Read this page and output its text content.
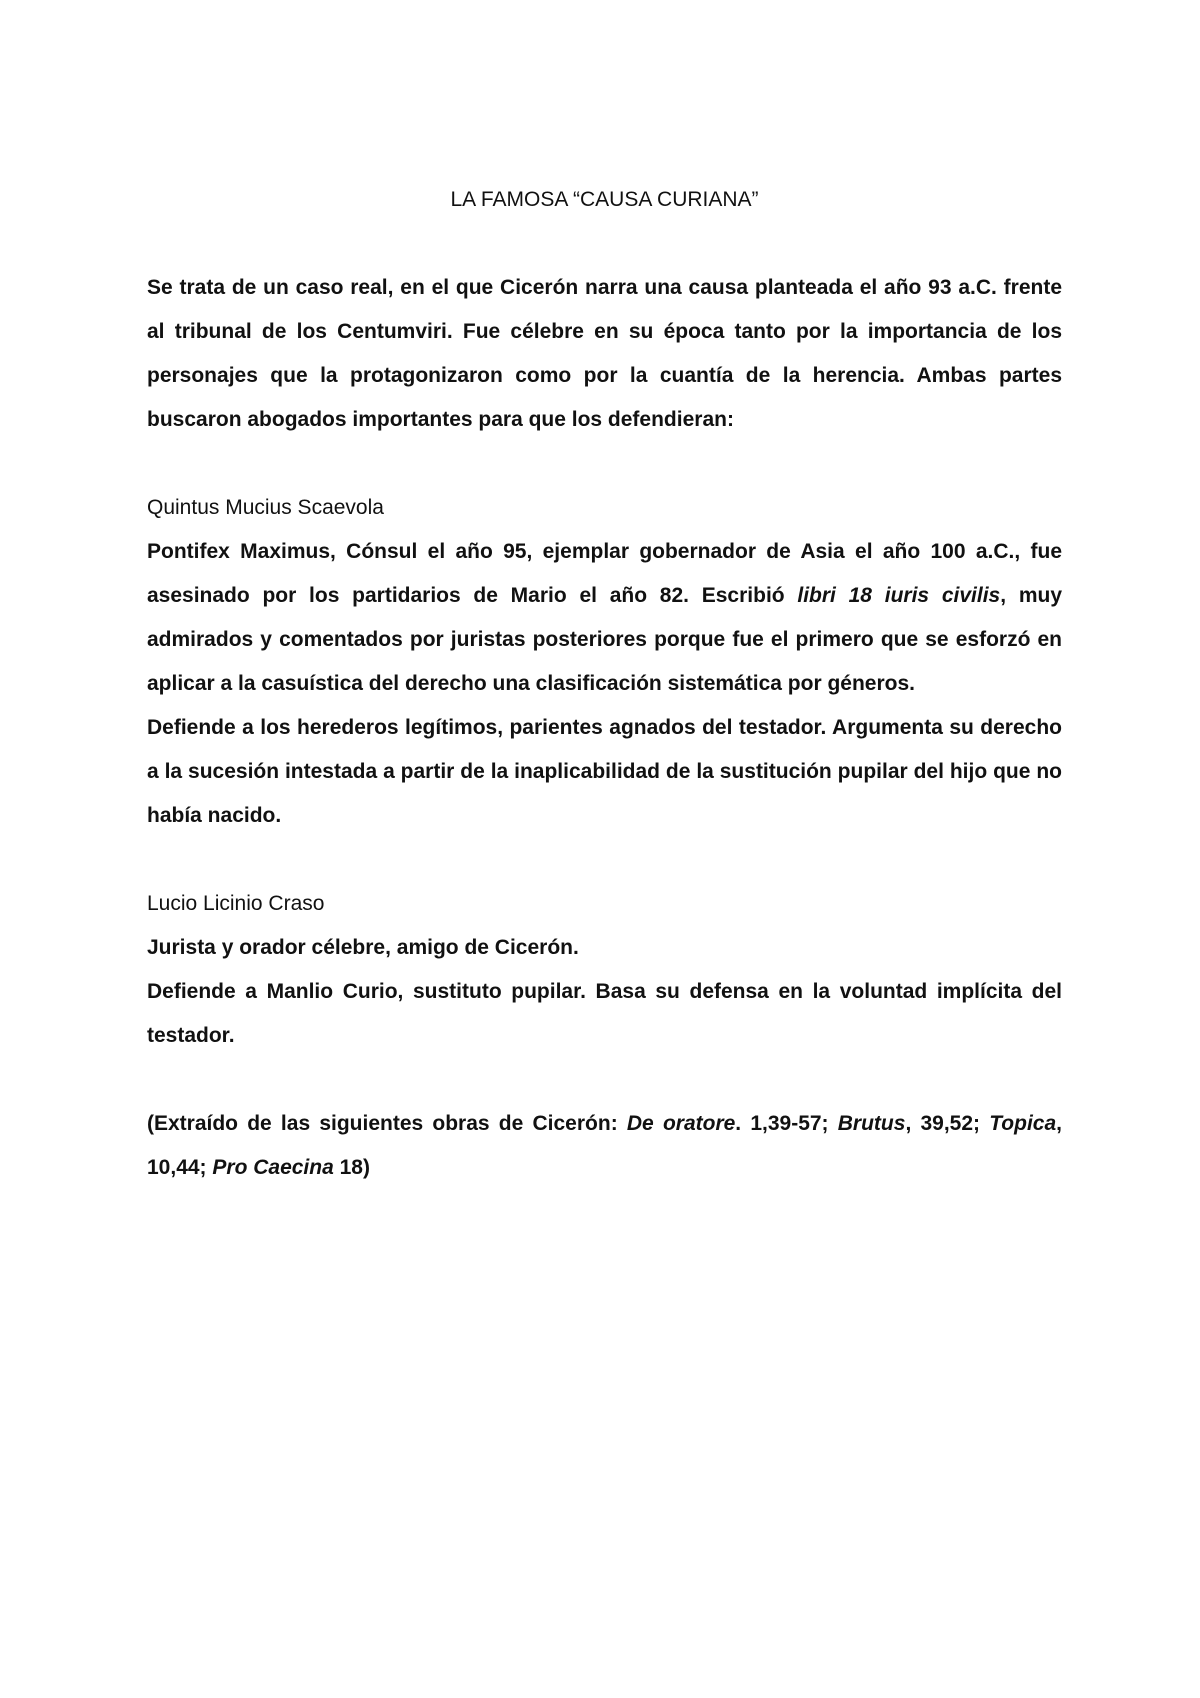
LA FAMOSA “CAUSA CURIANA”

Se trata de un caso real, en el que Cicerón narra una causa planteada el año 93 a.C. frente al tribunal de los Centumviri. Fue célebre en su época tanto por la importancia de los personajes que la protagonizaron como por la cuantía de la herencia. Ambas partes buscaron abogados importantes para que los defendieran:

Quintus Mucius Scaevola

Pontifex Maximus, Cónsul el año 95, ejemplar gobernador de Asia el año 100 a.C., fue asesinado por los partidarios de Mario el año 82. Escribió libri 18 iuris civilis, muy admirados y comentados por juristas posteriores porque fue el primero que se esforzó en aplicar a la casuística del derecho una clasificación sistemática por géneros.

Defiende a los herederos legítimos, parientes agnados del testador. Argumenta su derecho a la sucesión intestada a partir de la inaplicabilidad de la sustitución pupilar del hijo que no había nacido.

Lucio Licinio Craso

Jurista y orador célebre, amigo de Cicerón.

Defiende a Manlio Curio, sustituto pupilar. Basa su defensa en la voluntad implícita del testador.

(Extraído de las siguientes obras de Cicerón: De oratore. 1,39-57; Brutus, 39,52; Topica, 10,44; Pro Caecina 18)
